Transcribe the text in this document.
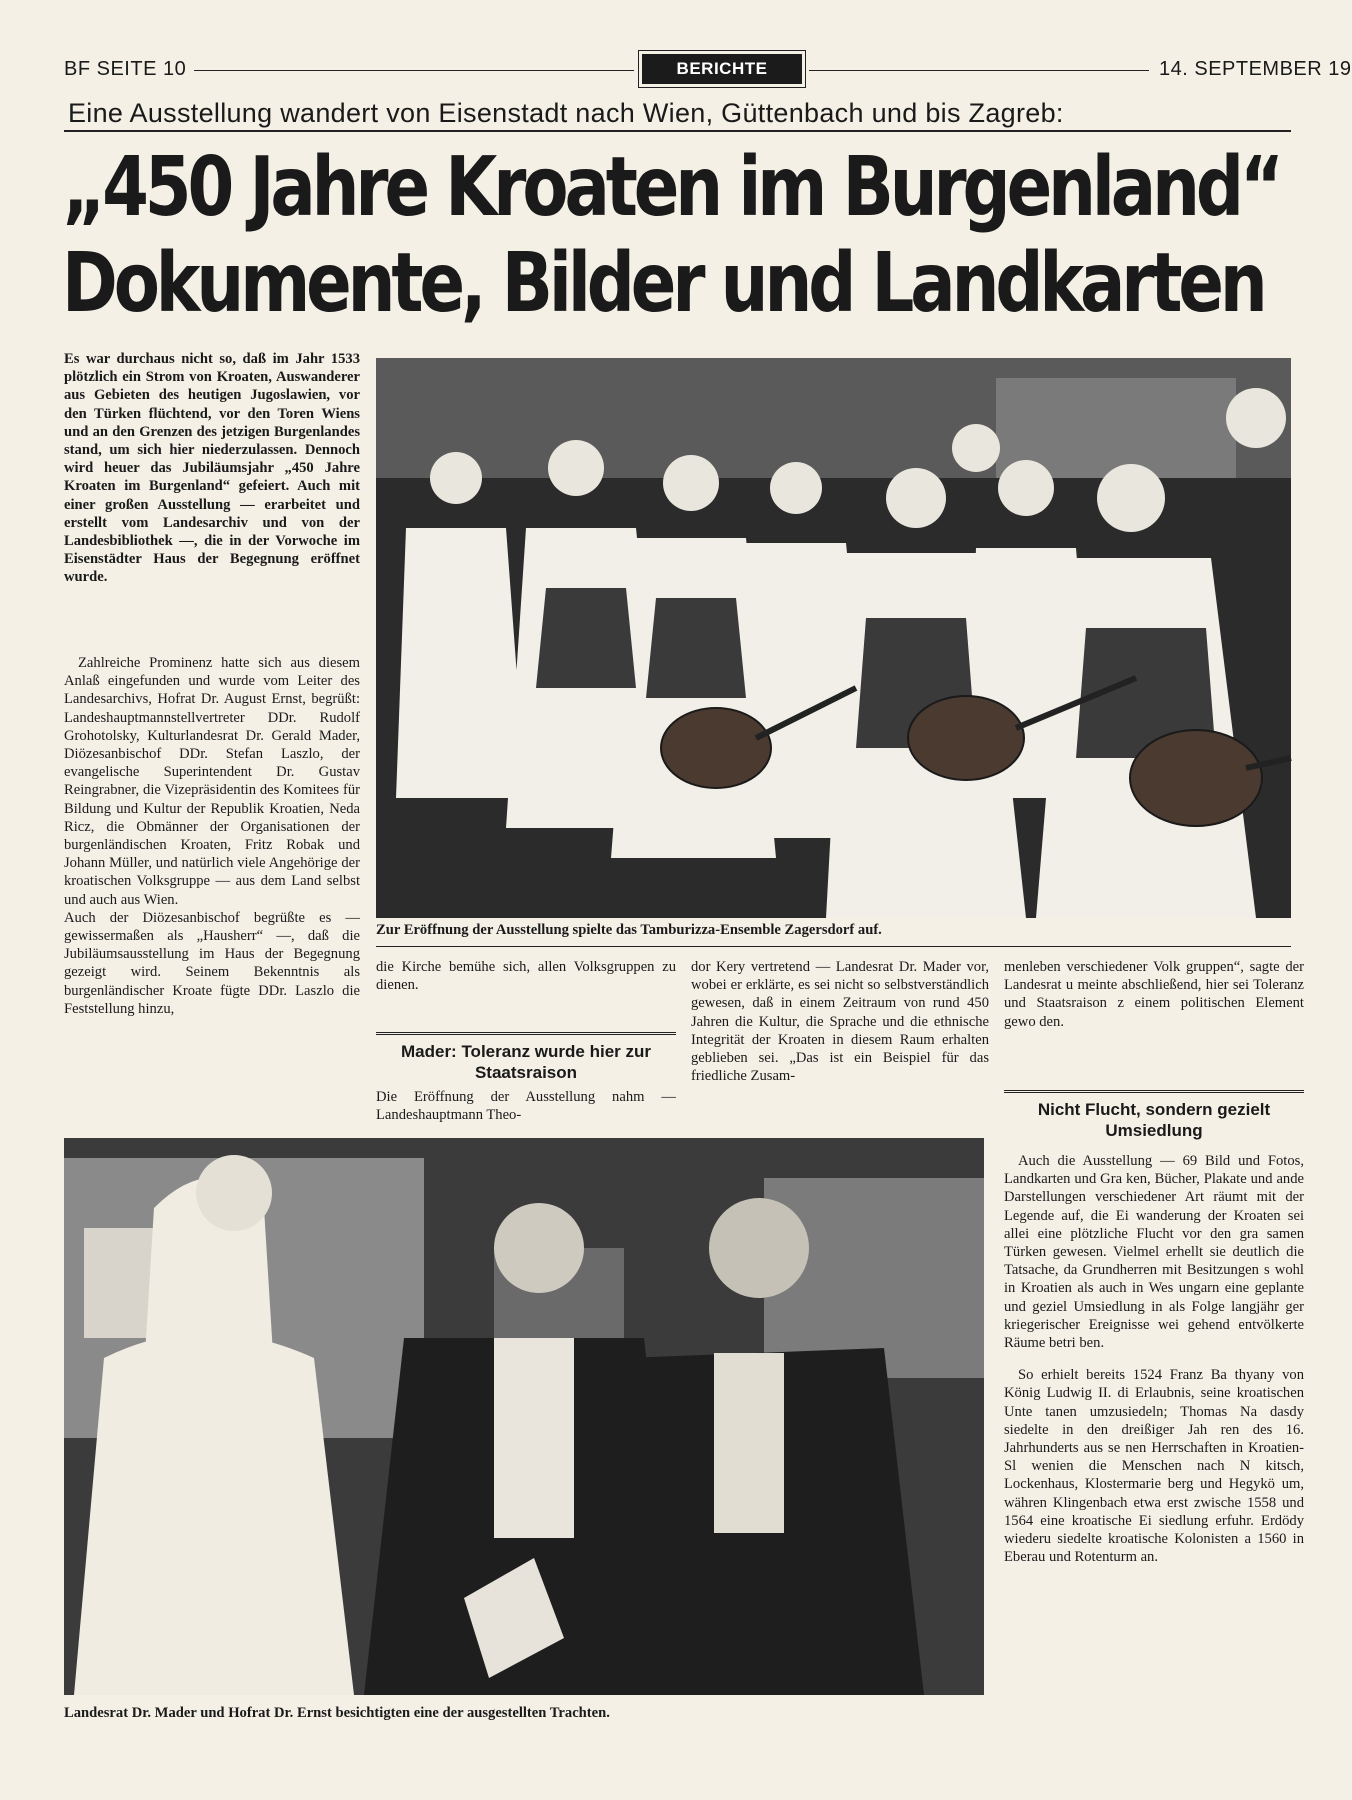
BF SEITE 10	BERICHTE	14. SEPTEMBER 19
Eine Ausstellung wandert von Eisenstadt nach Wien, Güttenbach und bis Zagreb:
„450 Jahre Kroaten im Burgenland“
Dokumente, Bilder und Landkarten

Es war durchaus nicht so, daß im Jahr 1533 plötzlich ein Strom von Kroaten, Auswanderer aus Gebieten des heutigen Jugoslawien, vor den Türken flüchtend, vor den Toren Wiens und an den Grenzen des jetzigen Burgenlandes stand, um sich hier niederzulassen. Dennoch wird heuer das Jubiläumsjahr „450 Jahre Kroaten im Burgenland“ gefeiert. Auch mit einer großen Ausstellung — erarbeitet und erstellt vom Landesarchiv und von der Landesbibliothek —, die in der Vorwoche im Eisenstädter Haus der Begegnung eröffnet wurde.

Zahlreiche Prominenz hatte sich aus diesem Anlaß eingefunden und wurde vom Leiter des Landesarchivs, Hofrat Dr. August Ernst, begrüßt: Landeshauptmannstellvertreter DDr. Rudolf Grohotolsky, Kulturlandesrat Dr. Gerald Mader, Diözesanbischof DDr. Stefan Laszlo, der evangelische Superintendent Dr. Gustav Reingrabner, die Vizepräsidentin des Komitees für Bildung und Kultur der Republik Kroatien, Neda Ricz, die Obmänner der Organisationen der burgenländischen Kroaten, Fritz Robak und Johann Müller, und natürlich viele Angehörige der kroatischen Volksgruppe — aus dem Land selbst und auch aus Wien.

Auch der Diözesanbischof begrüßte es — gewissermaßen als „Hausherr“ —, daß die Jubiläumsausstellung im Haus der Begegnung gezeigt wird. Seinem Bekenntnis als burgenländischer Kroate fügte DDr. Laszlo die Feststellung hinzu,

Zur Eröffnung der Ausstellung spielte das Tamburizza-Ensemble Zagersdorf auf.

die Kirche bemühe sich, allen Volksgruppen zu dienen.

Mader: Toleranz wurde hier zur Staatsraison

Die Eröffnung der Ausstellung nahm — Landeshauptmann Theo-

dor Kery vertretend — Landesrat Dr. Mader vor, wobei er erklärte, es sei nicht so selbstverständlich gewesen, daß in einem Zeitraum von rund 450 Jahren die Kultur, die Sprache und die ethnische Integrität der Kroaten in diesem Raum erhalten geblieben sei. „Das ist ein Beispiel für das friedliche Zusam-

menleben verschiedener Volk gruppen“, sagte der Landesrat u meinte abschließend, hier sei Toleranz und Staatsraison z einem politischen Element gewo den.

Nicht Flucht, sondern gezielt Umsiedlung
Landesrat Dr. Mader und Hofrat Dr. Ernst besichtigten eine der ausgestellten Trachten.

Auch die Ausstellung — 69 Bild und Fotos, Landkarten und Gra ken, Bücher, Plakate und ande Darstellungen verschiedener Art räumt mit der Legende auf, die Ei wanderung der Kroaten sei allei eine plötzliche Flucht vor den gra samen Türken gewesen. Vielmel erhellt sie deutlich die Tatsache, da Grundherren mit Besitzungen s wohl in Kroatien als auch in Wes ungarn eine geplante und geziel Umsiedlung in als Folge langjähr ger kriegerischer Ereignisse wei gehend entvölkerte Räume betri ben.

So erhielt bereits 1524 Franz Ba thyany von König Ludwig II. di Erlaubnis, seine kroatischen Unte tanen umzusiedeln; Thomas Na dasdy siedelte in den dreißiger Jah ren des 16. Jahrhunderts aus se nen Herrschaften in Kroatien-Sl wenien die Menschen nach N kitsch, Lockenhaus, Klostermarie berg und Hegykö um, währen Klingenbach etwa erst zwische 1558 und 1564 eine kroatische Ei siedlung erfuhr. Erdödy wiederu siedelte kroatische Kolonisten a 1560 in Eberau und Rotenturm an.
